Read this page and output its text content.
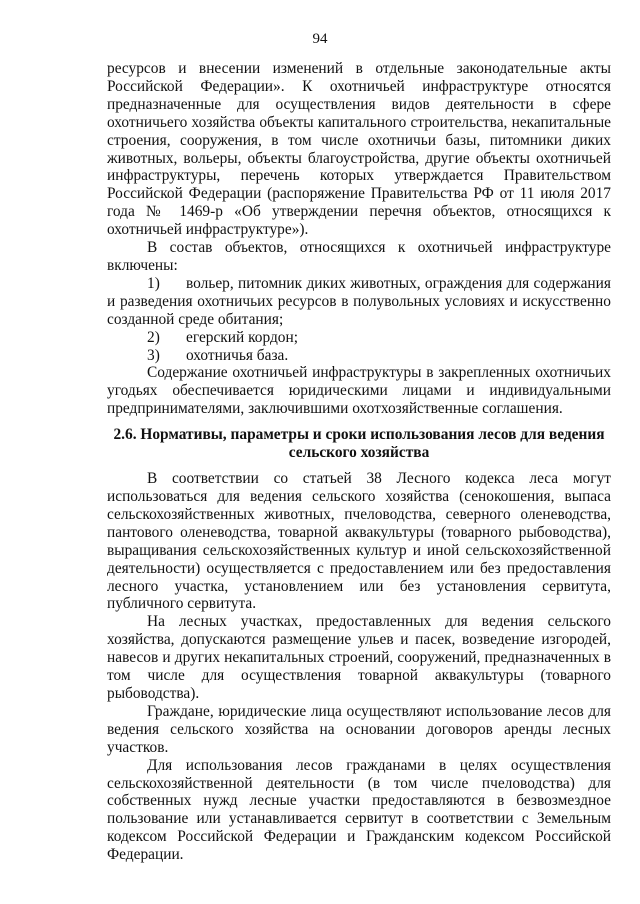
94

ресурсов и внесении изменений в отдельные законодательные акты Российской Федерации». К охотничьей инфраструктуре относятся предназначенные для осуществления видов деятельности в сфере охотничьего хозяйства объекты капитального строительства, некапитальные строения, сооружения, в том числе охотничьи базы, питомники диких животных, вольеры, объекты благоустройства, другие объекты охотничьей инфраструктуры, перечень которых утверждается Правительством Российской Федерации (распоряжение Правительства РФ от 11 июля 2017 года № 1469-р «Об утверждении перечня объектов, относящихся к охотничьей инфраструктуре»).

В состав объектов, относящихся к охотничьей инфраструктуре включены:

1) вольер, питомник диких животных, ограждения для содержания и разведения охотничьих ресурсов в полувольных условиях и искусственно созданной среде обитания;

2) егерский кордон;

3) охотничья база.

Содержание охотничьей инфраструктуры в закрепленных охотничьих угодьях обеспечивается юридическими лицами и индивидуальными предпринимателями, заключившими охотхозяйственные соглашения.

2.6. Нормативы, параметры и сроки использования лесов для ведения сельского хозяйства

В соответствии со статьей 38 Лесного кодекса леса могут использоваться для ведения сельского хозяйства (сенокошения, выпаса сельскохозяйственных животных, пчеловодства, северного оленеводства, пантового оленеводства, товарной аквакультуры (товарного рыбоводства), выращивания сельскохозяйственных культур и иной сельскохозяйственной деятельности) осуществляется с предоставлением или без предоставления лесного участка, установлением или без установления сервитута, публичного сервитута.

На лесных участках, предоставленных для ведения сельского хозяйства, допускаются размещение ульев и пасек, возведение изгородей, навесов и других некапитальных строений, сооружений, предназначенных в том числе для осуществления товарной аквакультуры (товарного рыбоводства).

Граждане, юридические лица осуществляют использование лесов для ведения сельского хозяйства на основании договоров аренды лесных участков.

Для использования лесов гражданами в целях осуществления сельскохозяйственной деятельности (в том числе пчеловодства) для собственных нужд лесные участки предоставляются в безвозмездное пользование или устанавливается сервитут в соответствии с Земельным кодексом Российской Федерации и Гражданским кодексом Российской Федерации.
